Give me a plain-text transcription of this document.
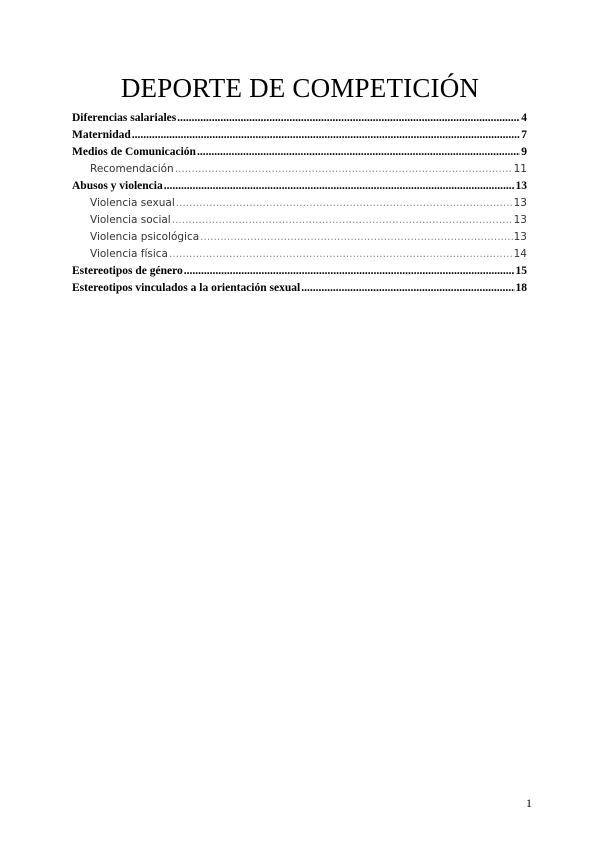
DEPORTE DE COMPETICIÓN
Diferencias salariales .....	4
Maternidad .....	7
Medios de Comunicación .....	9
Recomendación .....	11
Abusos y violencia .....	13
Violencia sexual .....	13
Violencia social .....	13
Violencia psicológica .....	13
Violencia física .....	14
Estereotipos de género .....	15
Estereotipos vinculados a la orientación sexual .....	18
1
